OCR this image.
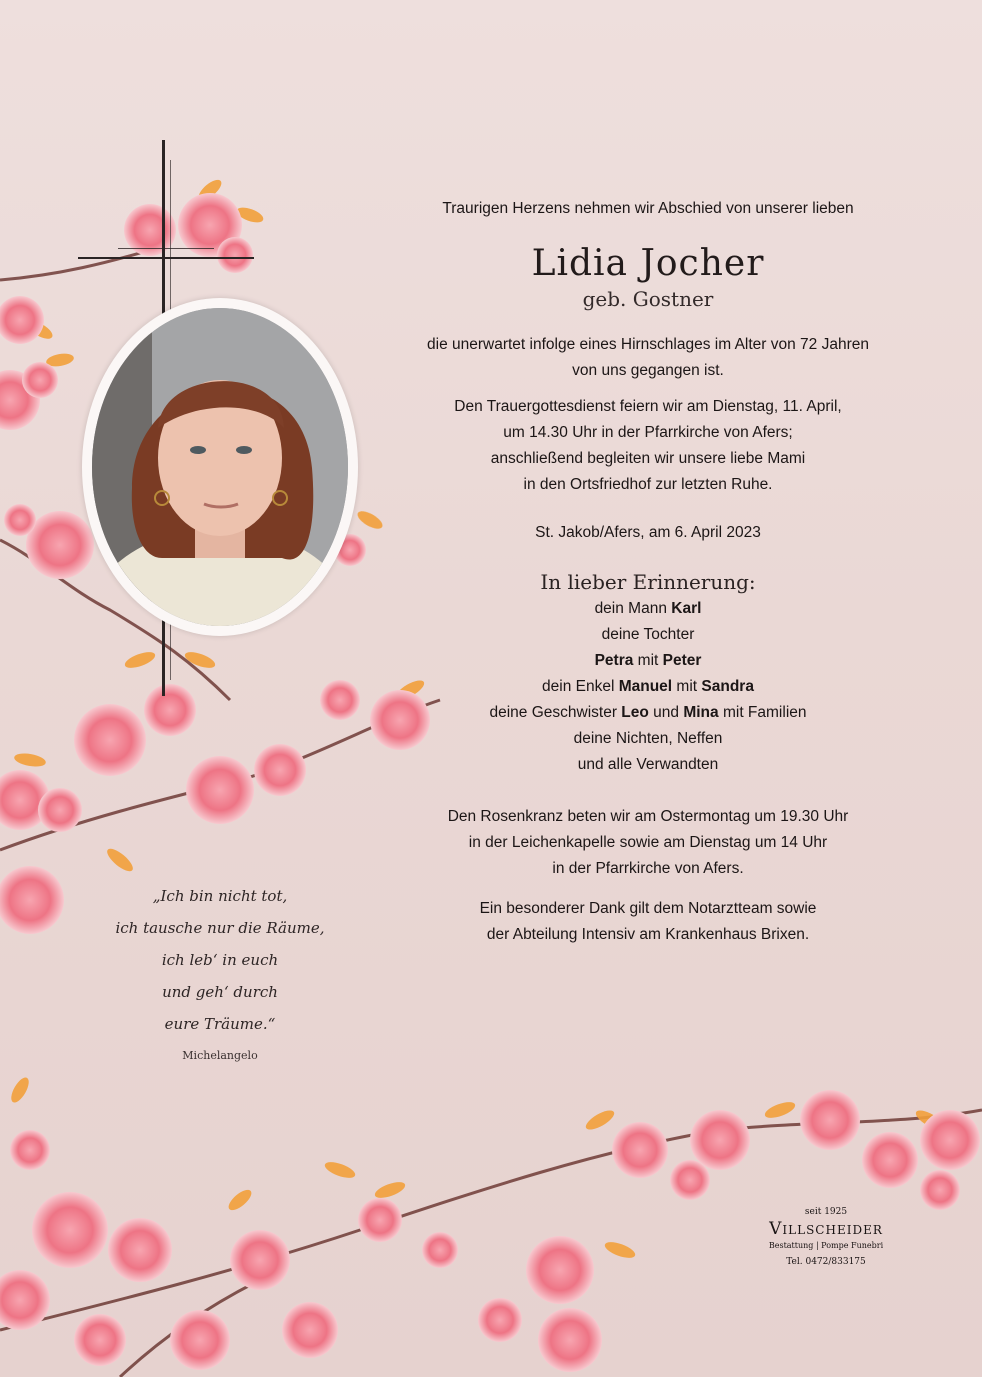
Traurigen Herzens nehmen wir Abschied von unserer lieben

Lidia Jocher
geb. Gostner

die unerwartet infolge eines Hirnschlages im Alter von 72 Jahren

von uns gegangen ist.

Den Trauergottesdienst feiern wir am Dienstag, 11. April,

um 14.30 Uhr in der Pfarrkirche von Afers;

anschließend begleiten wir unsere liebe Mami

in den Ortsfriedhof zur letzten Ruhe.

St. Jakob/Afers, am 6. April 2023
In lieber Erinnerung:

dein Mann Karl

deine Tochter

Petra mit Peter

dein Enkel Manuel mit Sandra

deine Geschwister Leo und Mina mit Familien

deine Nichten, Neffen

und alle Verwandten

Den Rosenkranz beten wir am Ostermontag um 19.30 Uhr

in der Leichenkapelle sowie am Dienstag um 14 Uhr

in der Pfarrkirche von Afers.

Ein besonderer Dank gilt dem Notarztteam sowie

der Abteilung Intensiv am Krankenhaus Brixen.

„Ich bin nicht tot,

ich tausche nur die Räume,

ich leb‘ in euch

und geh‘ durch

eure Träume.“

Michelangelo
seit 1925
Villscheider
Bestattung | Pompe Funebri
Tel. 0472/833175
